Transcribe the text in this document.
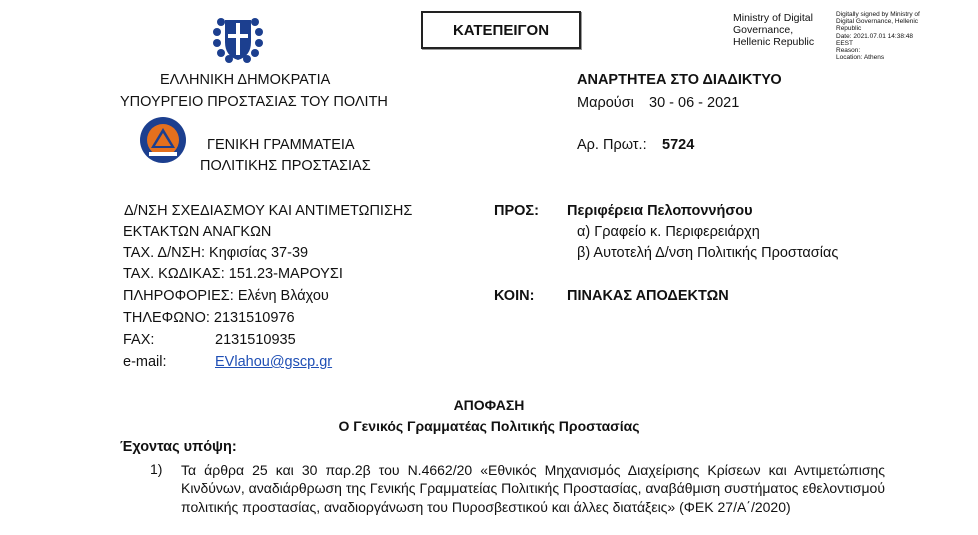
ΚΑΤΕΠΕΙΓΟΝ
Ministry of Digital
Governance,
Hellenic Republic
Digitally signed by Ministry of
Digital Governance, Hellenic
Republic
Date: 2021.07.01 14:38:48
EEST
Reason:
Location: Athens
ΕΛΛΗΝΙΚΗ ΔΗΜΟΚΡΑΤΙΑ
ΥΠΟΥΡΓΕΙΟ ΠΡΟΣΤΑΣΙΑΣ ΤΟΥ ΠΟΛΙΤΗ
ΓΕΝΙΚΗ ΓΡΑΜΜΑΤΕΙΑ
ΠΟΛΙΤΙΚΗΣ ΠΡΟΣΤΑΣΙΑΣ
ΑΝΑΡΤΗΤΕΑ ΣΤΟ ΔΙΑΔΙΚΤΥΟ
Μαρούσι 30 - 06 - 2021
Αρ. Πρωτ.: 5724
Δ/ΝΣΗ ΣΧΕΔΙΑΣΜΟΥ ΚΑΙ ΑΝΤΙΜΕΤΩΠΙΣΗΣ
ΕΚΤΑΚΤΩΝ ΑΝΑΓΚΩΝ
ΤΑΧ. Δ/ΝΣΗ: Κηφισίας 37-39
ΤΑΧ. ΚΩΔΙΚΑΣ: 151.23-ΜΑΡΟΥΣΙ
ΠΛΗΡΟΦΟΡΙΕΣ: Ελένη Βλάχου
ΤΗΛΕΦΩΝΟ: 2131510976
FAX:	2131510935
e-mail:	EVlahou@gscp.gr
ΠΡΟΣ: Περιφέρεια Πελοποννήσου
α) Γραφείο κ. Περιφερειάρχη
β) Αυτοτελή Δ/νση Πολιτικής Προστασίας
ΚΟΙΝ: ΠΙΝΑΚΑΣ ΑΠΟΔΕΚΤΩΝ
ΑΠΟΦΑΣΗ
Ο Γενικός Γραμματέας Πολιτικής Προστασίας
Έχοντας υπόψη:
1) Τα άρθρα 25 και 30 παρ.2β του Ν.4662/20 «Εθνικός Μηχανισμός Διαχείρισης Κρίσεων και Αντιμετώπισης Κινδύνων, αναδιάρθρωση της Γενικής Γραμματείας Πολιτικής Προστασίας, αναβάθμιση συστήματος εθελοντισμού πολιτικής προστασίας, αναδιοργάνωση του Πυροσβεστικού και άλλες διατάξεις» (ΦΕΚ 27/Α΄/2020)
